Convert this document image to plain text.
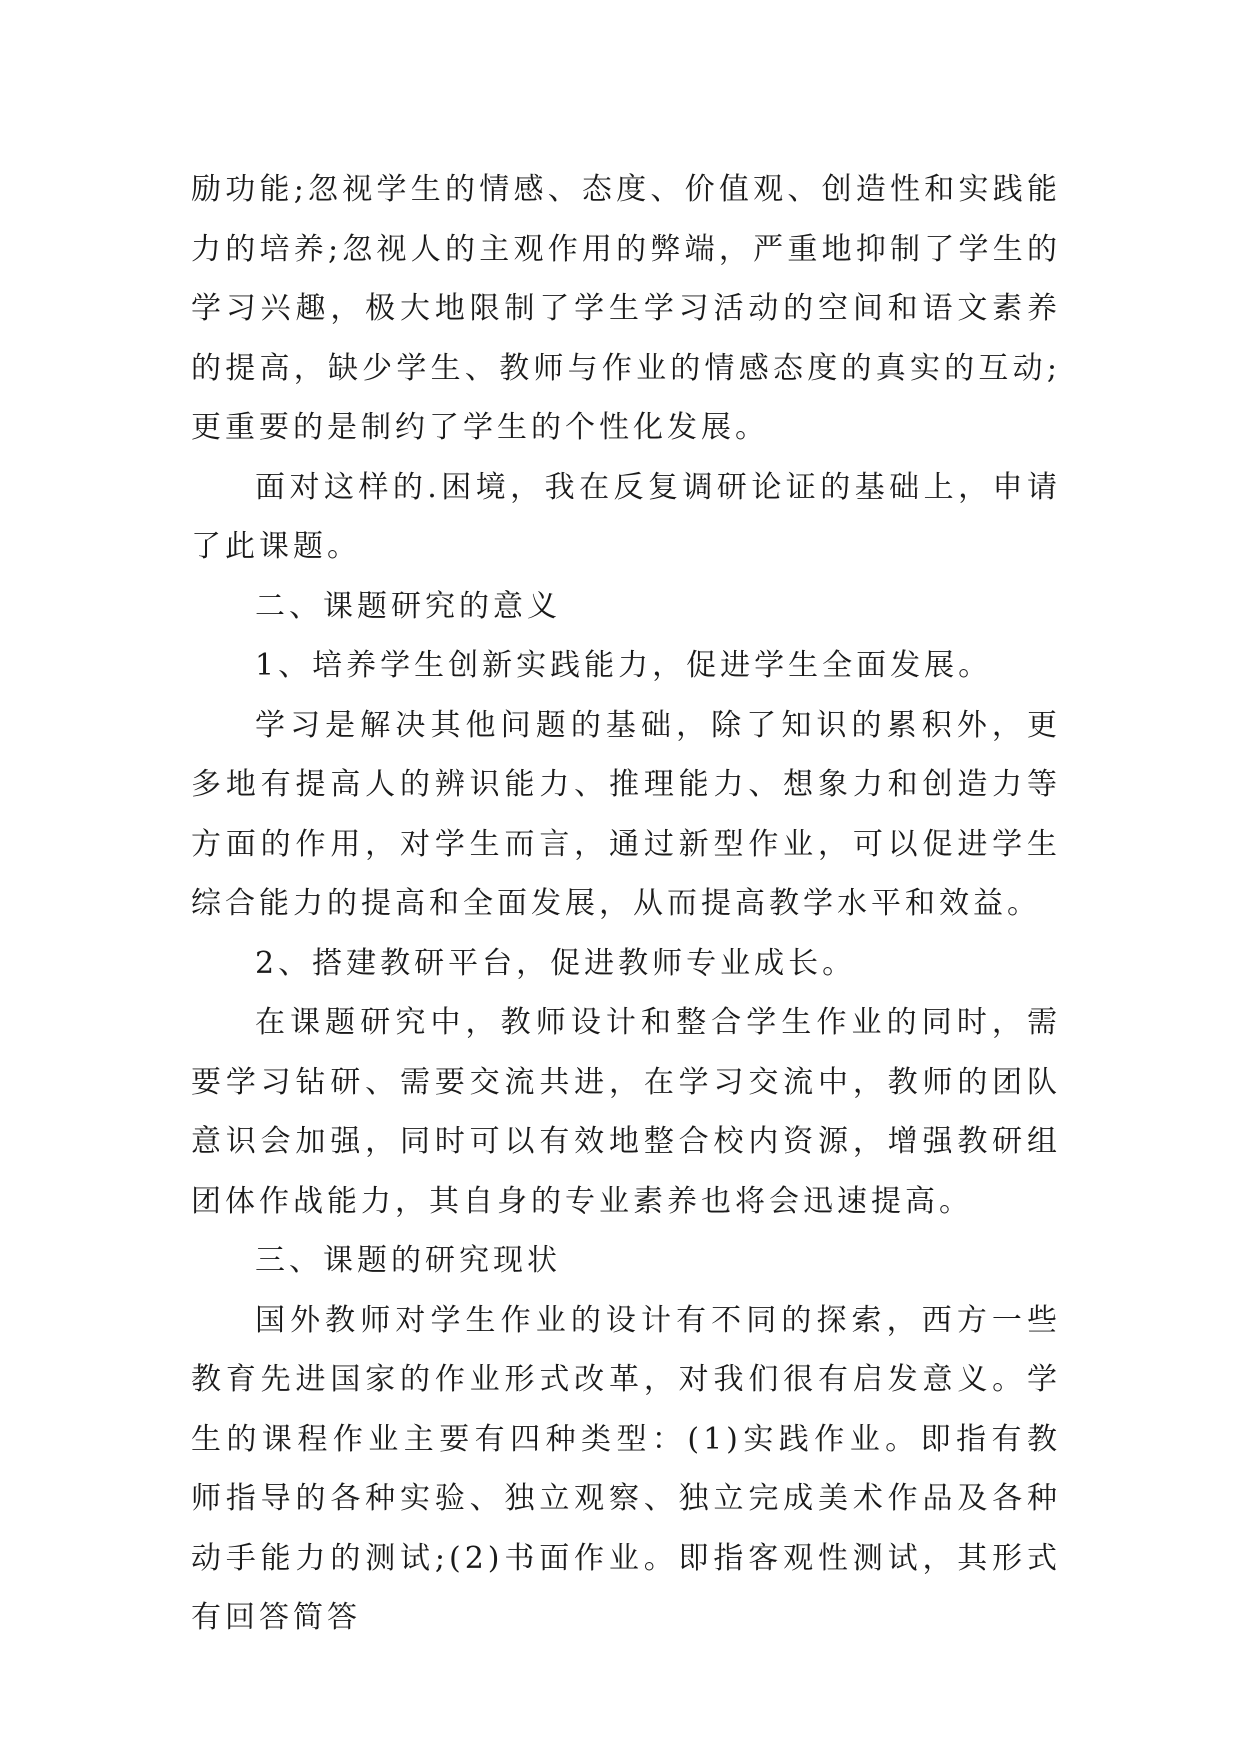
励功能;忽视学生的情感、态度、价值观、创造性和实践能力的培养;忽视人的主观作用的弊端，严重地抑制了学生的学习兴趣，极大地限制了学生学习活动的空间和语文素养的提高，缺少学生、教师与作业的情感态度的真实的互动;更重要的是制约了学生的个性化发展。

面对这样的.困境，我在反复调研论证的基础上，申请了此课题。

二、课题研究的意义

1、培养学生创新实践能力，促进学生全面发展。

学习是解决其他问题的基础，除了知识的累积外，更多地有提高人的辨识能力、推理能力、想象力和创造力等方面的作用，对学生而言，通过新型作业，可以促进学生综合能力的提高和全面发展，从而提高教学水平和效益。

2、搭建教研平台，促进教师专业成长。

在课题研究中，教师设计和整合学生作业的同时，需要学习钻研、需要交流共进，在学习交流中，教师的团队意识会加强，同时可以有效地整合校内资源，增强教研组团体作战能力，其自身的专业素养也将会迅速提高。

三、课题的研究现状

国外教师对学生作业的设计有不同的探索，西方一些教育先进国家的作业形式改革，对我们很有启发意义。学生的课程作业主要有四种类型：(1)实践作业。即指有教师指导的各种实验、独立观察、独立完成美术作品及各种动手能力的测试;(2)书面作业。即指客观性测试，其形式有回答简答
